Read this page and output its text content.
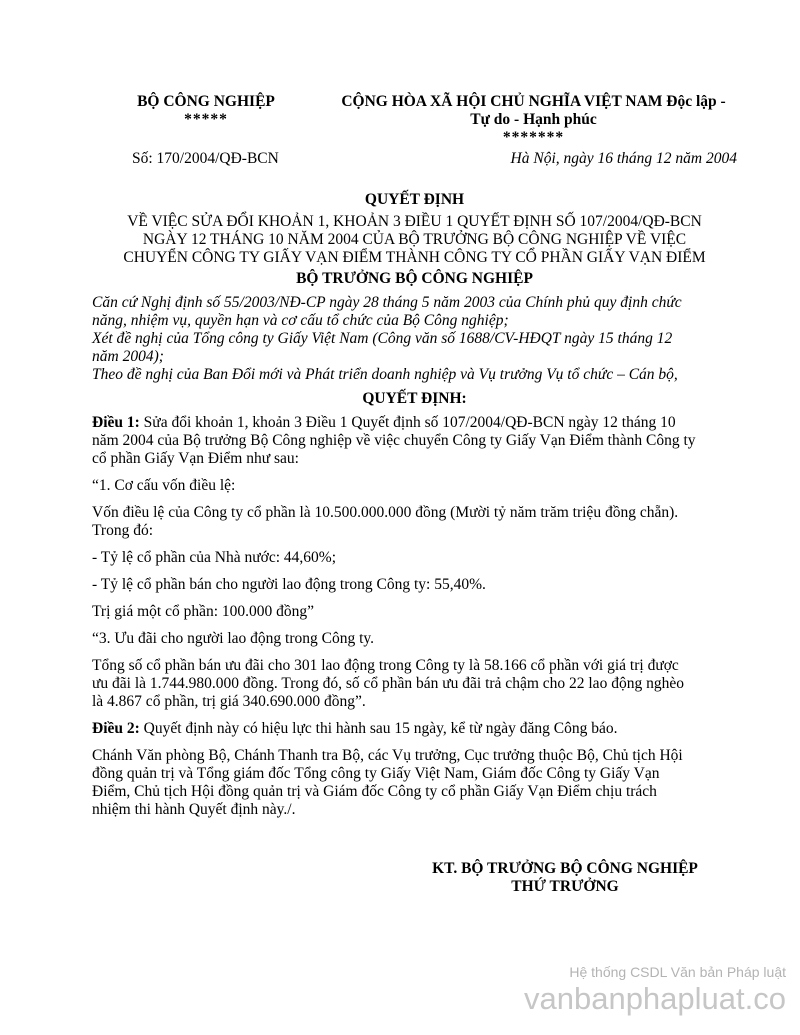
BỘ CÔNG NGHIỆP
*****
CỘNG HÒA XÃ HỘI CHỦ NGHĨA VIỆT NAM Độc lập -
Tự do - Hạnh phúc
*******
Số: 170/2004/QĐ-BCN	Hà Nội, ngày 16 tháng 12 năm 2004
QUYẾT ĐỊNH
VỀ VIỆC SỬA ĐỔI KHOẢN 1, KHOẢN 3 ĐIỀU 1 QUYẾT ĐỊNH SỐ 107/2004/QĐ-BCN
NGÀY 12 THÁNG 10 NĂM 2004 CỦA BỘ TRƯỞNG BỘ CÔNG NGHIỆP VỀ VIỆC
CHUYỂN CÔNG TY GIẤY VẠN ĐIỂM THÀNH CÔNG TY CỔ PHẦN GIẤY VẠN ĐIỂM
BỘ TRƯỞNG BỘ CÔNG NGHIỆP
Căn cứ Nghị định số 55/2003/NĐ-CP ngày 28 tháng 5 năm 2003 của Chính phủ quy định chức
năng, nhiệm vụ, quyền hạn và cơ cấu tổ chức của Bộ Công nghiệp;
Xét đề nghị của Tổng công ty Giấy Việt Nam (Công văn số 1688/CV-HĐQT ngày 15 tháng 12
năm 2004);
Theo đề nghị của Ban Đổi mới và Phát triển doanh nghiệp và Vụ trưởng Vụ tổ chức – Cán bộ,
QUYẾT ĐỊNH:
Điều 1: Sửa đổi khoản 1, khoản 3 Điều 1 Quyết định số 107/2004/QĐ-BCN ngày 12 tháng 10
năm 2004 của Bộ trưởng Bộ Công nghiệp về việc chuyển Công ty Giấy Vạn Điểm thành Công ty
cổ phần Giấy Vạn Điểm như sau:
“1. Cơ cấu vốn điều lệ:
Vốn điều lệ của Công ty cổ phần là 10.500.000.000 đồng (Mười tỷ năm trăm triệu đồng chẵn).
Trong đó:
- Tỷ lệ cổ phần của Nhà nước: 44,60%;
- Tỷ lệ cổ phần bán cho người lao động trong Công ty: 55,40%.
Trị giá một cổ phần: 100.000 đồng”
“3. Ưu đãi cho người lao động trong Công ty.
Tổng số cổ phần bán ưu đãi cho 301 lao động trong Công ty là 58.166 cổ phần với giá trị được
ưu đãi là 1.744.980.000 đồng. Trong đó, số cổ phần bán ưu đãi trả chậm cho 22 lao động nghèo
là 4.867 cổ phần, trị giá 340.690.000 đồng”.
Điều 2: Quyết định này có hiệu lực thi hành sau 15 ngày, kể từ ngày đăng Công báo.
Chánh Văn phòng Bộ, Chánh Thanh tra Bộ, các Vụ trưởng, Cục trưởng thuộc Bộ, Chủ tịch Hội
đồng quản trị và Tổng giám đốc Tổng công ty Giấy Việt Nam, Giám đốc Công ty Giấy Vạn
Điểm, Chủ tịch Hội đồng quản trị và Giám đốc Công ty cổ phần Giấy Vạn Điểm chịu trách
nhiệm thi hành Quyết định này./.
KT. BỘ TRƯỞNG BỘ CÔNG NGHIỆP
THỨ TRƯỞNG
Hệ thống CSDL Văn bản Pháp luật
vanbanphapluat.co
